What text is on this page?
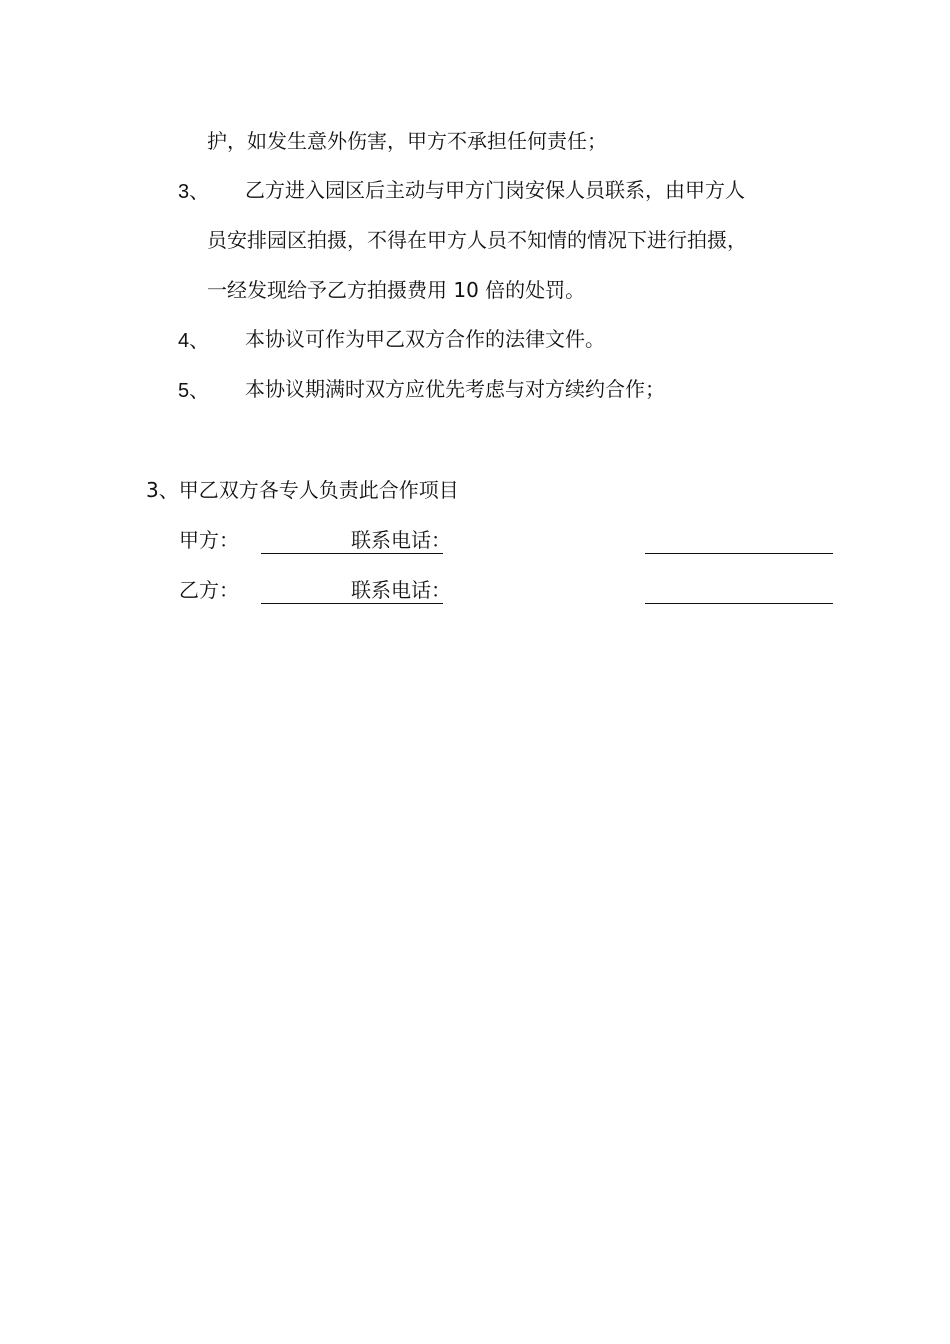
护，如发生意外伤害，甲方不承担任何责任；
3、 乙方进入园区后主动与甲方门岗安保人员联系，由甲方人
员安排园区拍摄，不得在甲方人员不知情的情况下进行拍摄，
一经发现给予乙方拍摄费用 10 倍的处罚。
4、 本协议可作为甲乙双方合作的法律文件。
5、 本协议期满时双方应优先考虑与对方续约合作；
3、甲乙双方各专人负责此合作项目
甲方：	联系电话：
乙方：	联系电话：
